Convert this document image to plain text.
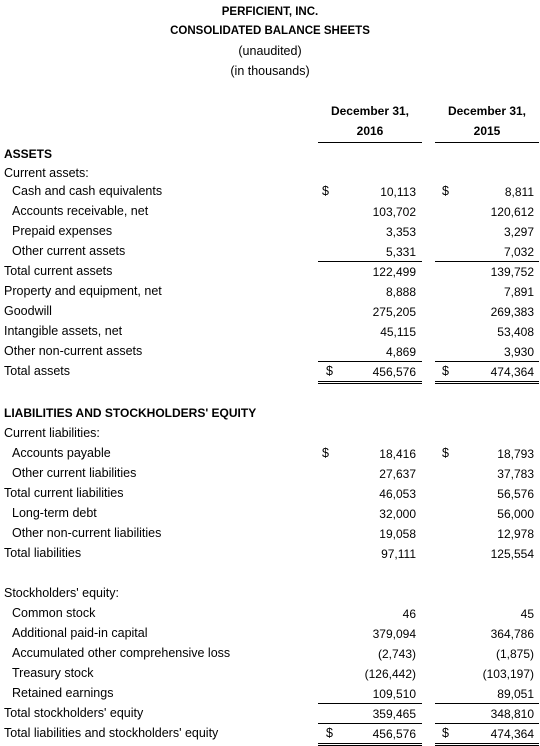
PERFICIENT, INC.
CONSOLIDATED BALANCE SHEETS
(unaudited)
(in thousands)
December 31,
2016
December 31,
2015
ASSETS
Current assets:
Cash and cash equivalents	$	10,113 $	8,811
Accounts receivable, net	103,702	120,612
Prepaid expenses	3,353	3,297
Other current assets	5,331	7,032
Total current assets	122,499	139,752
Property and equipment, net	8,888	7,891
Goodwill	275,205	269,383
Intangible assets, net	45,115	53,408
Other non-current assets	4,869	3,930
Total assets	$	456,576 $	474,364
LIABILITIES AND STOCKHOLDERS' EQUITY
Current liabilities:
Accounts payable	$	18,416 $	18,793
Other current liabilities	27,637	37,783
Total current liabilities	46,053	56,576
Long-term debt	32,000	56,000
Other non-current liabilities	19,058	12,978
Total liabilities	97,111	125,554
Stockholders' equity:
Common stock	46	45
Additional paid-in capital	379,094	364,786
Accumulated other comprehensive loss	(2,743)	(1,875)
Treasury stock	(126,442)	(103,197)
Retained earnings	109,510	89,051
Total stockholders' equity	359,465	348,810
Total liabilities and stockholders' equity	$	456,576 $	474,364
